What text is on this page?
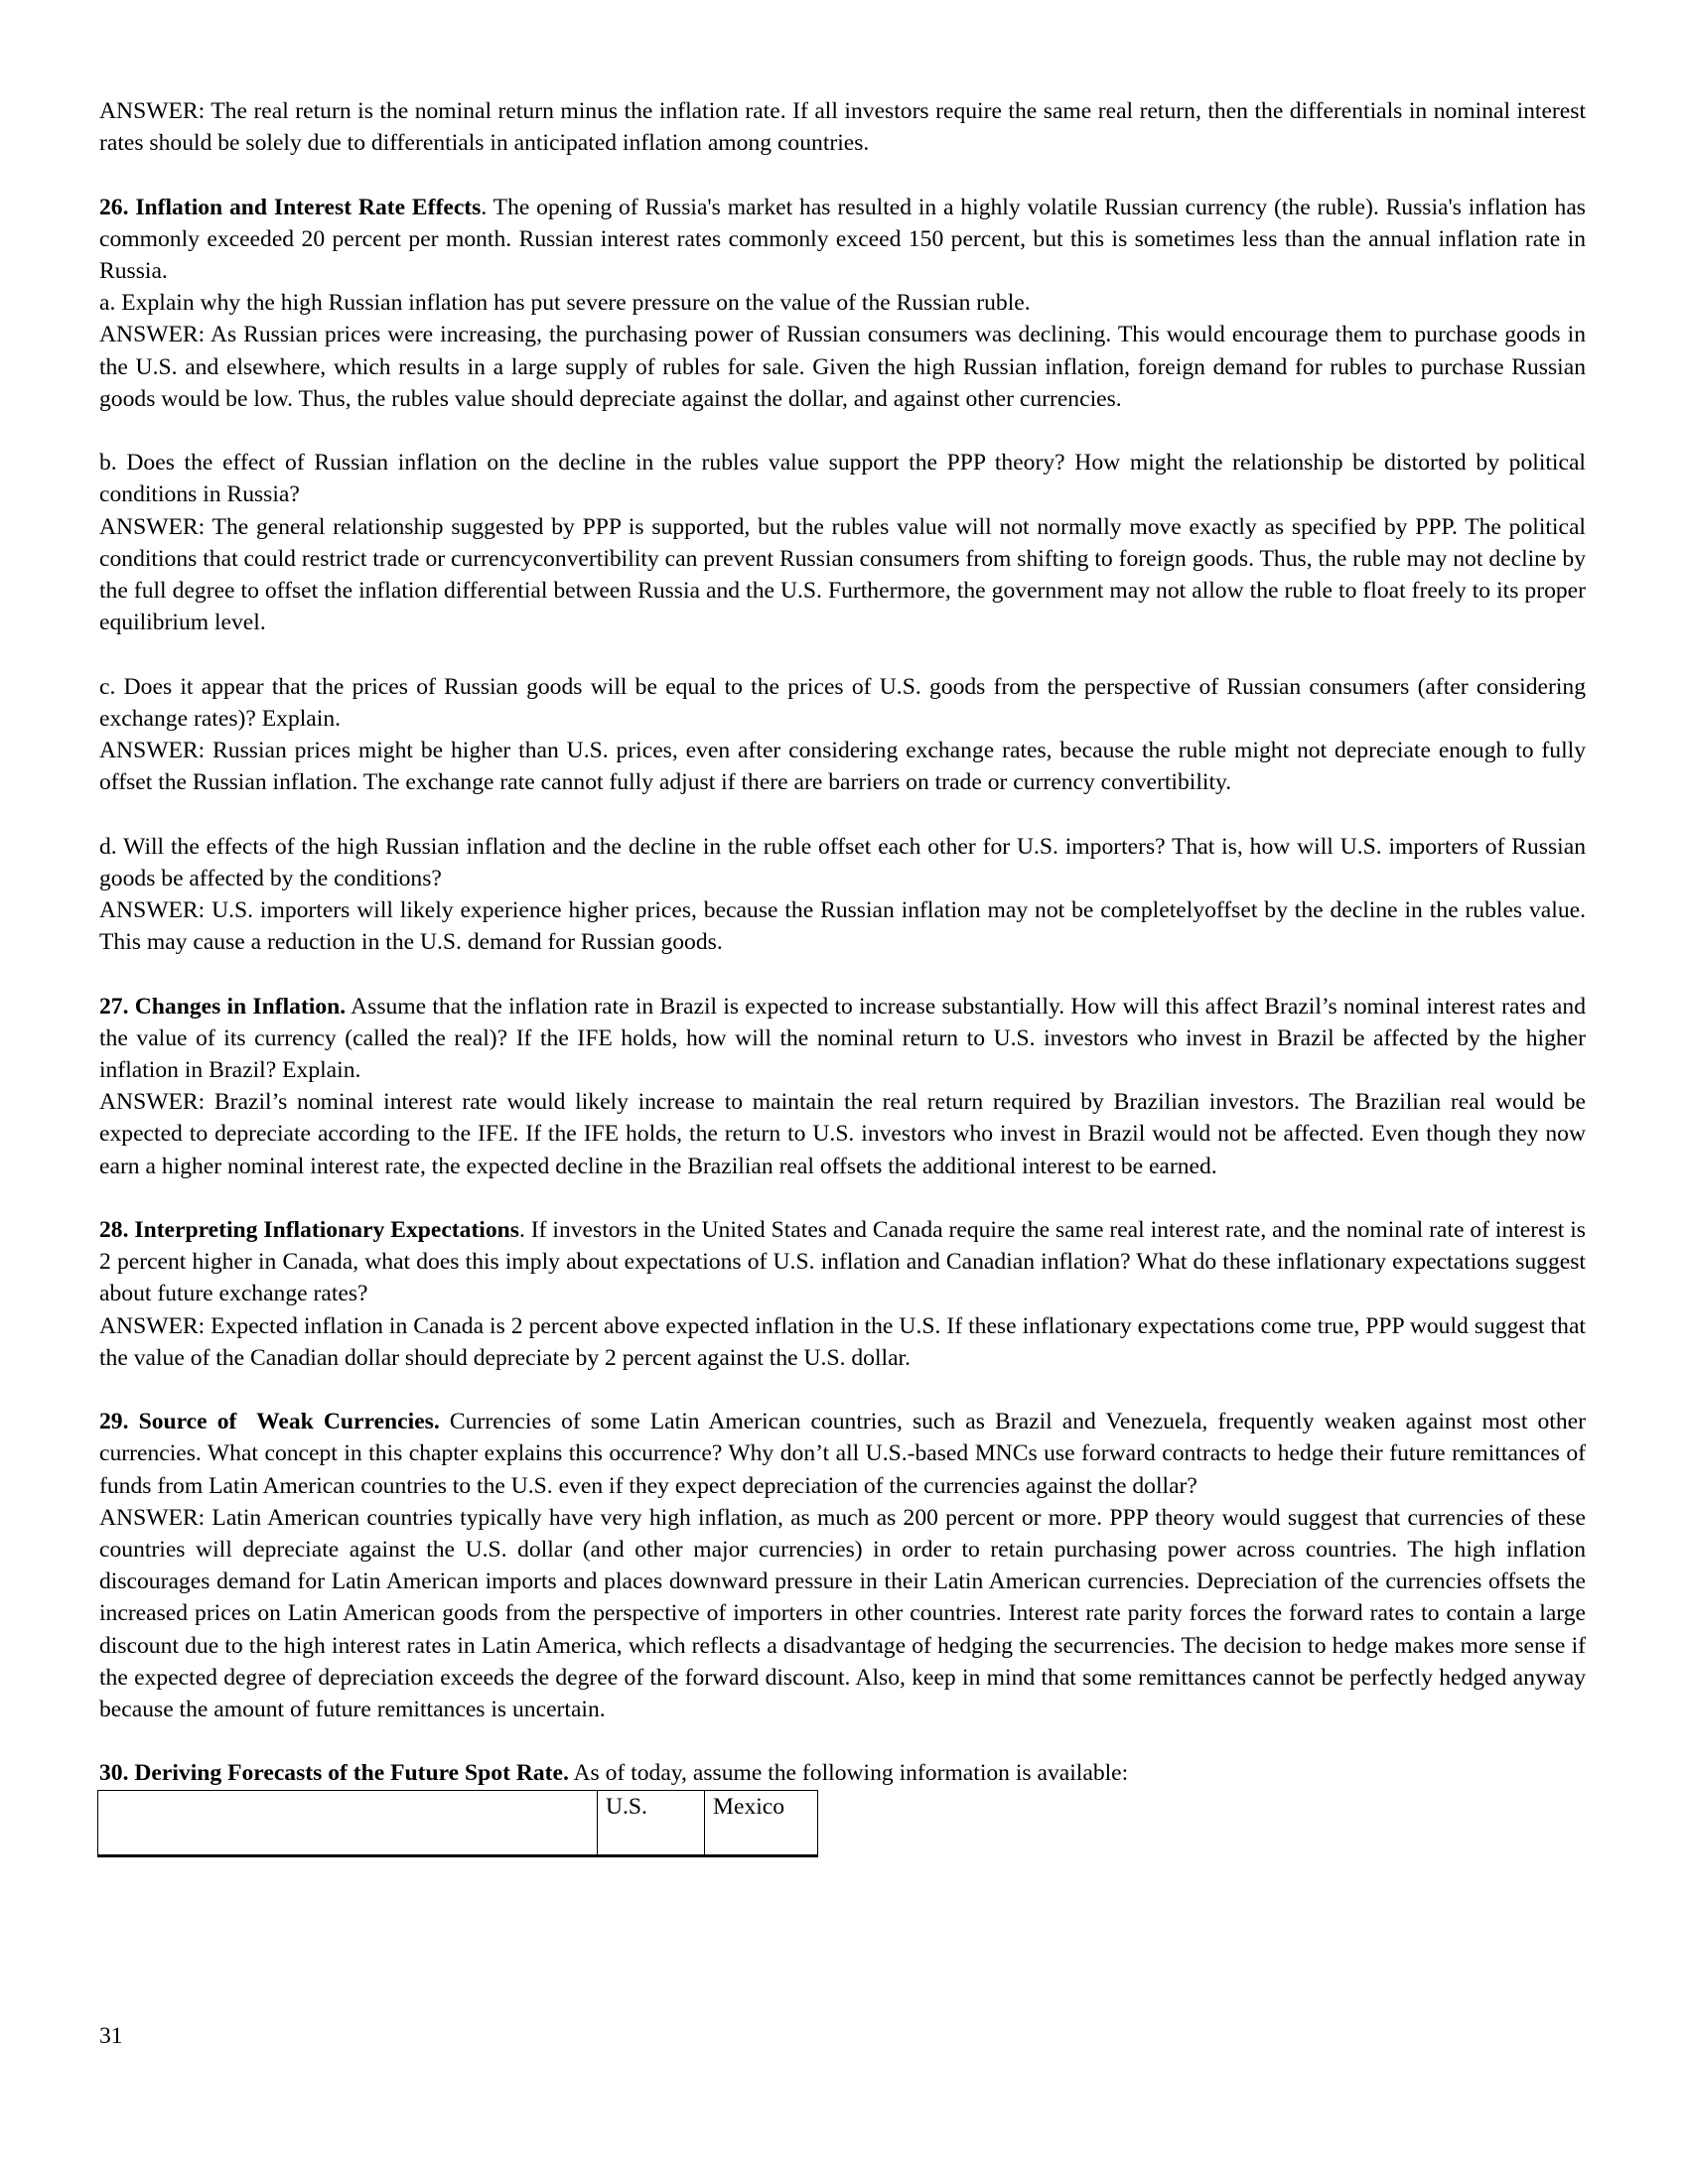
ANSWER: The real return is the nominal return minus the inflation rate. If all investors require the same real return, then the differentials in nominal interest rates should be solely due to differentials in anticipated inflation among countries.

26. Inflation and Interest Rate Effects. The opening of Russia's market has resulted in a highly volatile Russian currency (the ruble). Russia's inflation has commonly exceeded 20 percent per month. Russian interest rates commonly exceed 150 percent, but this is sometimes less than the annual inflation rate in Russia.

a. Explain why the high Russian inflation has put severe pressure on the value of the Russian ruble.

ANSWER: As Russian prices were increasing, the purchasing power of Russian consumers was declining. This would encourage them to purchase goods in the U.S. and elsewhere, which results in a large supply of rubles for sale. Given the high Russian inflation, foreign demand for rubles to purchase Russian goods would be low. Thus, the rubles value should depreciate against the dollar, and against other currencies.

b. Does the effect of Russian inflation on the decline in the rubles value support the PPP theory? How might the relationship be distorted by political conditions in Russia?

ANSWER: The general relationship suggested by PPP is supported, but the rubles value will not normally move exactly as specified by PPP. The political conditions that could restrict trade or currencyconvertibility can prevent Russian consumers from shifting to foreign goods. Thus, the ruble may not decline by the full degree to offset the inflation differential between Russia and the U.S. Furthermore, the government may not allow the ruble to float freely to its proper equilibrium level.

c. Does it appear that the prices of Russian goods will be equal to the prices of U.S. goods from the perspective of Russian consumers (after considering exchange rates)? Explain.

ANSWER: Russian prices might be higher than U.S. prices, even after considering exchange rates, because the ruble might not depreciate enough to fully offset the Russian inflation. The exchange rate cannot fully adjust if there are barriers on trade or currency convertibility.

d. Will the effects of the high Russian inflation and the decline in the ruble offset each other for U.S. importers? That is, how will U.S. importers of Russian goods be affected by the conditions?

ANSWER: U.S. importers will likely experience higher prices, because the Russian inflation may not be completelyoffset by the decline in the rubles value. This may cause a reduction in the U.S. demand for Russian goods.

27. Changes in Inflation. Assume that the inflation rate in Brazil is expected to increase substantially. How will this affect Brazil’s nominal interest rates and the value of its currency (called the real)? If the IFE holds, how will the nominal return to U.S. investors who invest in Brazil be affected by the higher inflation in Brazil? Explain.

ANSWER: Brazil’s nominal interest rate would likely increase to maintain the real return required by Brazilian investors. The Brazilian real would be expected to depreciate according to the IFE. If the IFE holds, the return to U.S. investors who invest in Brazil would not be affected. Even though they now earn a higher nominal interest rate, the expected decline in the Brazilian real offsets the additional interest to be earned.

28. Interpreting Inflationary Expectations. If investors in the United States and Canada require the same real interest rate, and the nominal rate of interest is 2 percent higher in Canada, what does this imply about expectations of U.S. inflation and Canadian inflation? What do these inflationary expectations suggest about future exchange rates?

ANSWER: Expected inflation in Canada is 2 percent above expected inflation in the U.S. If these inflationary expectations come true, PPP would suggest that the value of the Canadian dollar should depreciate by 2 percent against the U.S. dollar.

29. Source of  Weak Currencies. Currencies of some Latin American countries, such as Brazil and Venezuela, frequently weaken against most other currencies. What concept in this chapter explains this occurrence? Why don’t all U.S.-based MNCs use forward contracts to hedge their future remittances of funds from Latin American countries to the U.S. even if they expect depreciation of the currencies against the dollar?

ANSWER: Latin American countries typically have very high inflation, as much as 200 percent or more. PPP theory would suggest that currencies of these countries will depreciate against the U.S. dollar (and other major currencies) in order to retain purchasing power across countries. The high inflation discourages demand for Latin American imports and places downward pressure in their Latin American currencies. Depreciation of the currencies offsets the increased prices on Latin American goods from the perspective of importers in other countries. Interest rate parity forces the forward rates to contain a large discount due to the high interest rates in Latin America, which reflects a disadvantage of hedging the securrencies. The decision to hedge makes more sense if the expected degree of depreciation exceeds the degree of the forward discount. Also, keep in mind that some remittances cannot be perfectly hedged anyway because the amount of future remittances is uncertain.

30. Deriving Forecasts of the Future Spot Rate. As of today, assume the following information is available:

	U.S.	Mexico
31
